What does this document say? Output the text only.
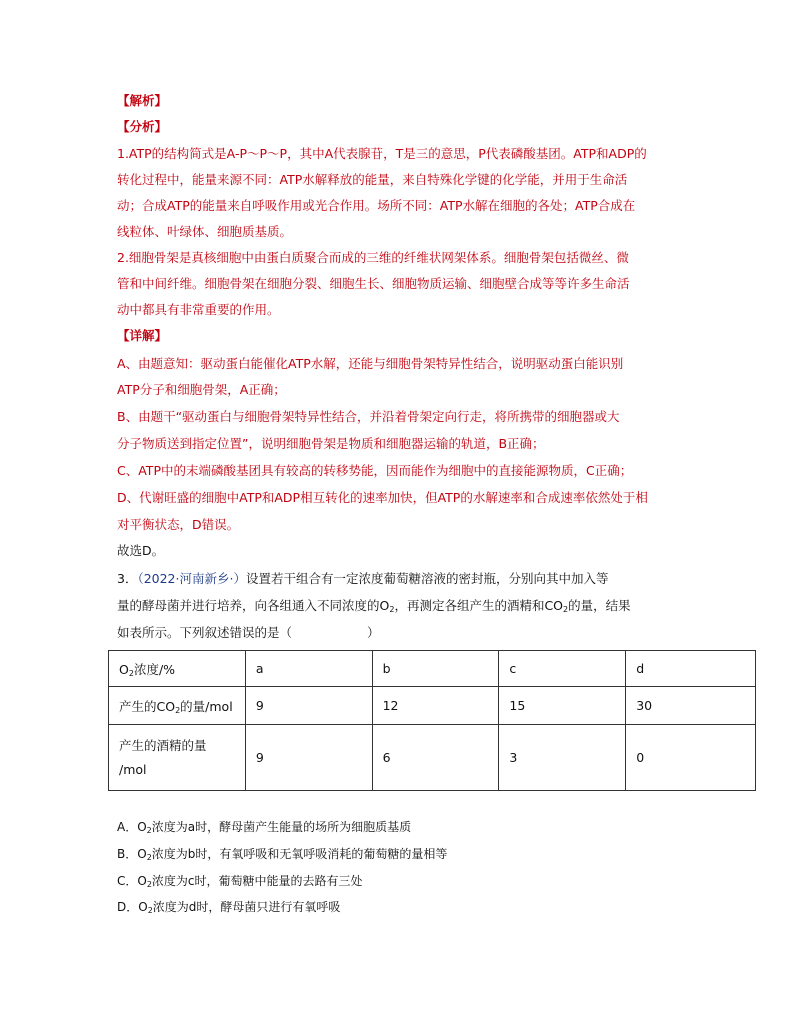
【解析】
【分析】
1.ATP的结构简式是A-P～P～P，其中A代表腺苷，T是三的意思，P代表磷酸基团。ATP和ADP的
转化过程中，能量来源不同：ATP水解释放的能量，来自特殊化学键的化学能，并用于生命活
动；合成ATP的能量来自呼吸作用或光合作用。场所不同：ATP水解在细胞的各处；ATP合成在
线粒体、叶绿体、细胞质基质。
2.细胞骨架是真核细胞中由蛋白质聚合而成的三维的纤维状网架体系。细胞骨架包括微丝、微
管和中间纤维。细胞骨架在细胞分裂、细胞生长、细胞物质运输、细胞壁合成等等许多生命活
动中都具有非常重要的作用。
【详解】
A、由题意知：驱动蛋白能催化ATP水解，还能与细胞骨架特异性结合，说明驱动蛋白能识别
ATP分子和细胞骨架，A正确；
B、由题干“驱动蛋白与细胞骨架特异性结合，并沿着骨架定向行走，将所携带的细胞器或大
分子物质送到指定位置”，说明细胞骨架是物质和细胞器运输的轨道，B正确；
C、ATP中的末端磷酸基团具有较高的转移势能，因而能作为细胞中的直接能源物质，C正确；
D、代谢旺盛的细胞中ATP和ADP相互转化的速率加快，但ATP的水解速率和合成速率依然处于相
对平衡状态，D错误。
故选D。
3．（2022·河南新乡·）设置若干组合有一定浓度葡萄糖溶液的密封瓶，分别向其中加入等
量的酵母菌并进行培养，向各组通入不同浓度的$O_2$，再测定各组产生的酒精和$CO_2$的量，结果
如表所示。下列叙述错误的是（　　　　　　）
$O_2$浓度/%	a	b	c	d
产生的$CO_2$的量/mol	9	12	15	30
产生的酒精的量
/mol	9	6	3	0
A．$O_2$浓度为a时，酵母菌产生能量的场所为细胞质基质
B．$O_2$浓度为b时，有氧呼吸和无氧呼吸消耗的葡萄糖的量相等
C．$O_2$浓度为c时，葡萄糖中能量的去路有三处
D．$O_2$浓度为d时，酵母菌只进行有氧呼吸
